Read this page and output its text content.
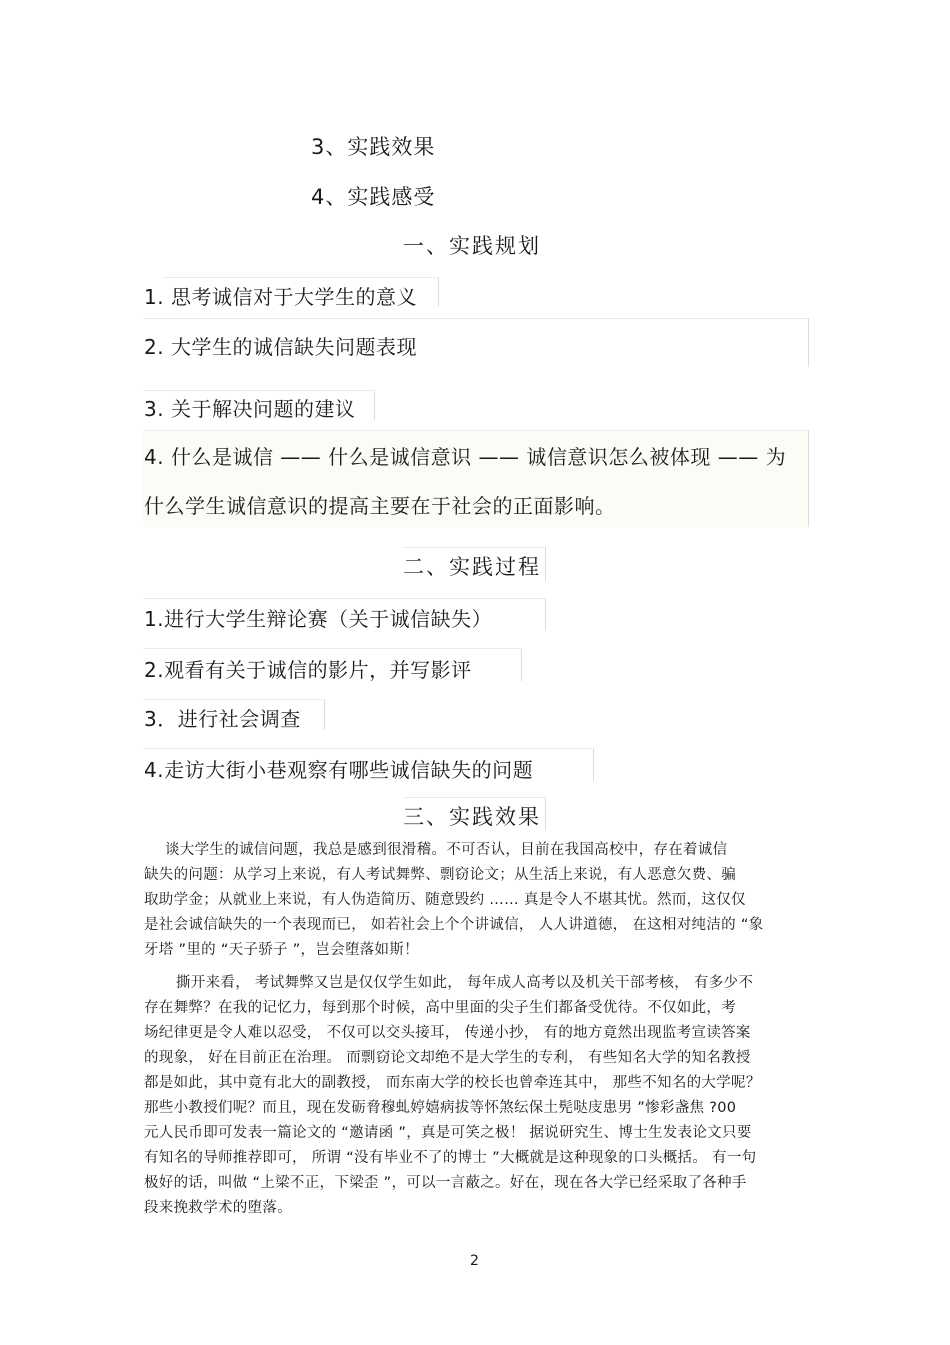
3、实践效果
4、实践感受
一、实践规划
1. 思考诚信对于大学生的意义
2. 大学生的诚信缺失问题表现
3. 关于解决问题的建议
4. 什么是诚信 —— 什么是诚信意识 —— 诚信意识怎么被体现 —— 为
什么学生诚信意识的提高主要在于社会的正面影响。
二、实践过程
1.进行大学生辩论赛（关于诚信缺失）
2.观看有关于诚信的影片，并写影评
3．进行社会调查
4.走访大街小巷观察有哪些诚信缺失的问题
三、实践效果
谈大学生的诚信问题，我总是感到很滑稽。不可否认，目前在我国高校中，存在着诚信
缺失的问题：从学习上来说，有人考试舞弊、剽窃论文；从生活上来说，有人恶意欠费、骗
取助学金；从就业上来说，有人伪造简历、随意毁约 …… 真是令人不堪其忧。然而，这仅仅
是社会诚信缺失的一个表现而已， 如若社会上个个讲诚信， 人人讲道德， 在这相对纯洁的 “象
牙塔 ”里的 “天子骄子 ”，岂会堕落如斯！
撕开来看， 考试舞弊又岂是仅仅学生如此， 每年成人高考以及机关干部考核， 有多少不
存在舞弊？在我的记忆力，每到那个时候，高中里面的尖子生们都备受优待。不仅如此，考
场纪律更是令人难以忍受， 不仅可以交头接耳， 传递小抄， 有的地方竟然出现监考宣读答案
的现象， 好在目前正在治理。 而剽窃论文却绝不是大学生的专利， 有些知名大学的知名教授
都是如此，其中竟有北大的副教授， 而东南大学的校长也曾牵连其中， 那些不知名的大学呢？
那些小教授们呢？而且，现在发砺脅穆虬婷嬉病拔等怀煞纭保土髡哒庋患男 ”惨彩盏焦 ?00
元人民币即可发表一篇论文的 “邀请函 ”，真是可笑之极！ 据说研究生、博士生发表论文只要
有知名的导师推荐即可， 所谓 “没有毕业不了的博士 ”大概就是这种现象的口头概括。 有一句
极好的话，叫做 “上梁不正，下梁歪 ”，可以一言蔽之。好在，现在各大学已经采取了各种手
段来挽救学术的堕落。
2
